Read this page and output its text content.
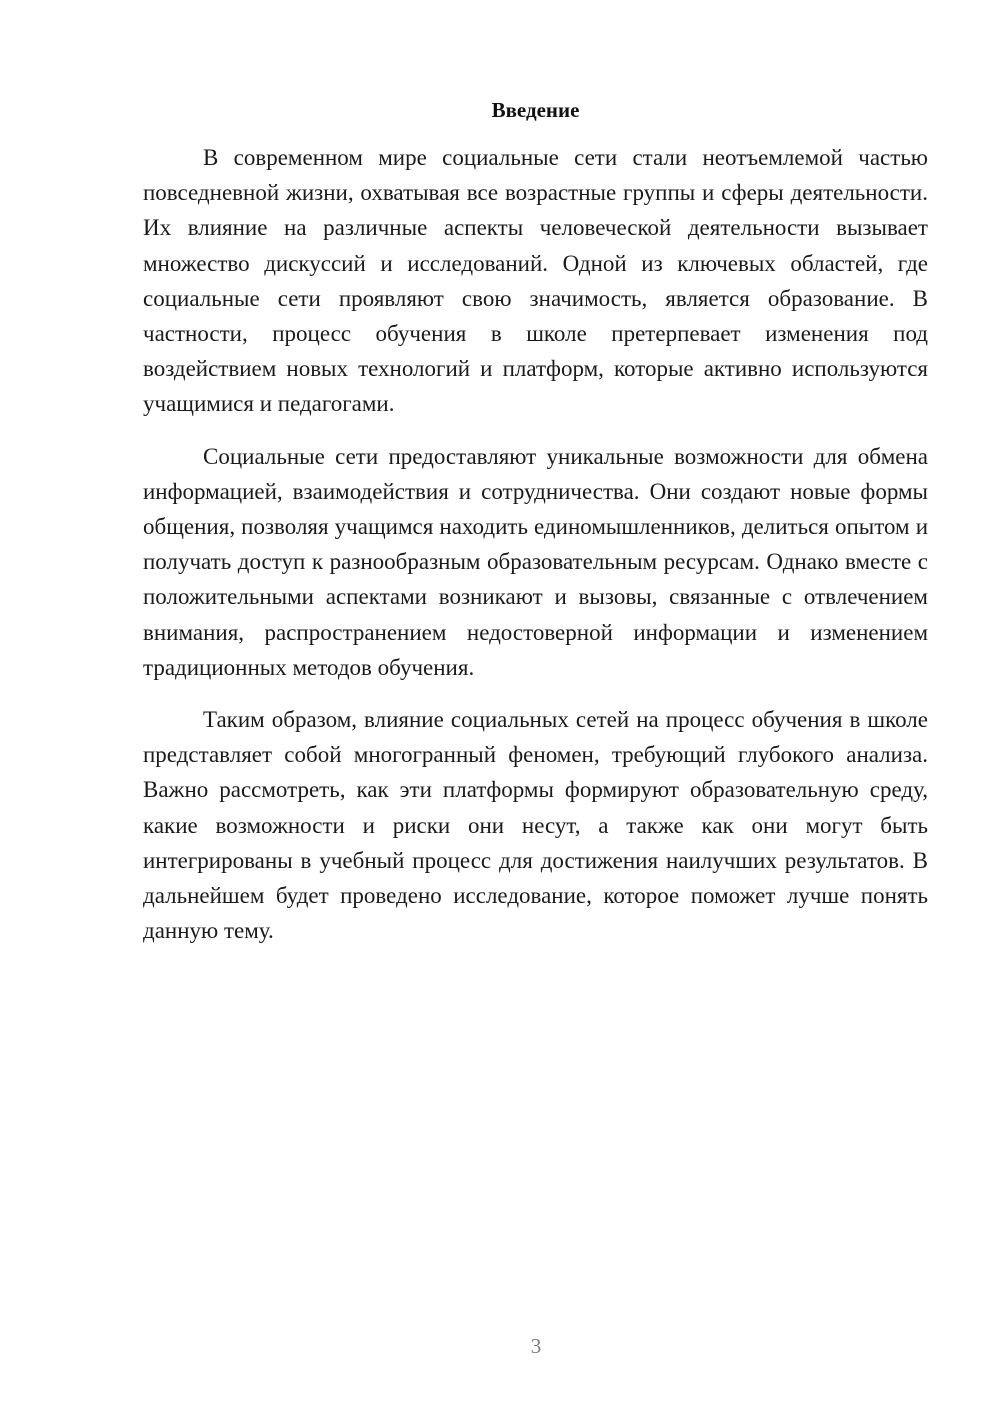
Введение

В современном мире социальные сети стали неотъемлемой частью повседневной жизни, охватывая все возрастные группы и сферы деятельности. Их влияние на различные аспекты человеческой деятельности вызывает множество дискуссий и исследований. Одной из ключевых областей, где социальные сети проявляют свою значимость, является образование. В частности, процесс обучения в школе претерпевает изменения под воздействием новых технологий и платформ, которые активно используются учащимися и педагогами.

Социальные сети предоставляют уникальные возможности для обмена информацией, взаимодействия и сотрудничества. Они создают новые формы общения, позволяя учащимся находить единомышленников, делиться опытом и получать доступ к разнообразным образовательным ресурсам. Однако вместе с положительными аспектами возникают и вызовы, связанные с отвлечением внимания, распространением недостоверной информации и изменением традиционных методов обучения.

Таким образом, влияние социальных сетей на процесс обучения в школе представляет собой многогранный феномен, требующий глубокого анализа. Важно рассмотреть, как эти платформы формируют образовательную среду, какие возможности и риски они несут, а также как они могут быть интегрированы в учебный процесс для достижения наилучших результатов. В дальнейшем будет проведено исследование, которое поможет лучше понять данную тему.

3
